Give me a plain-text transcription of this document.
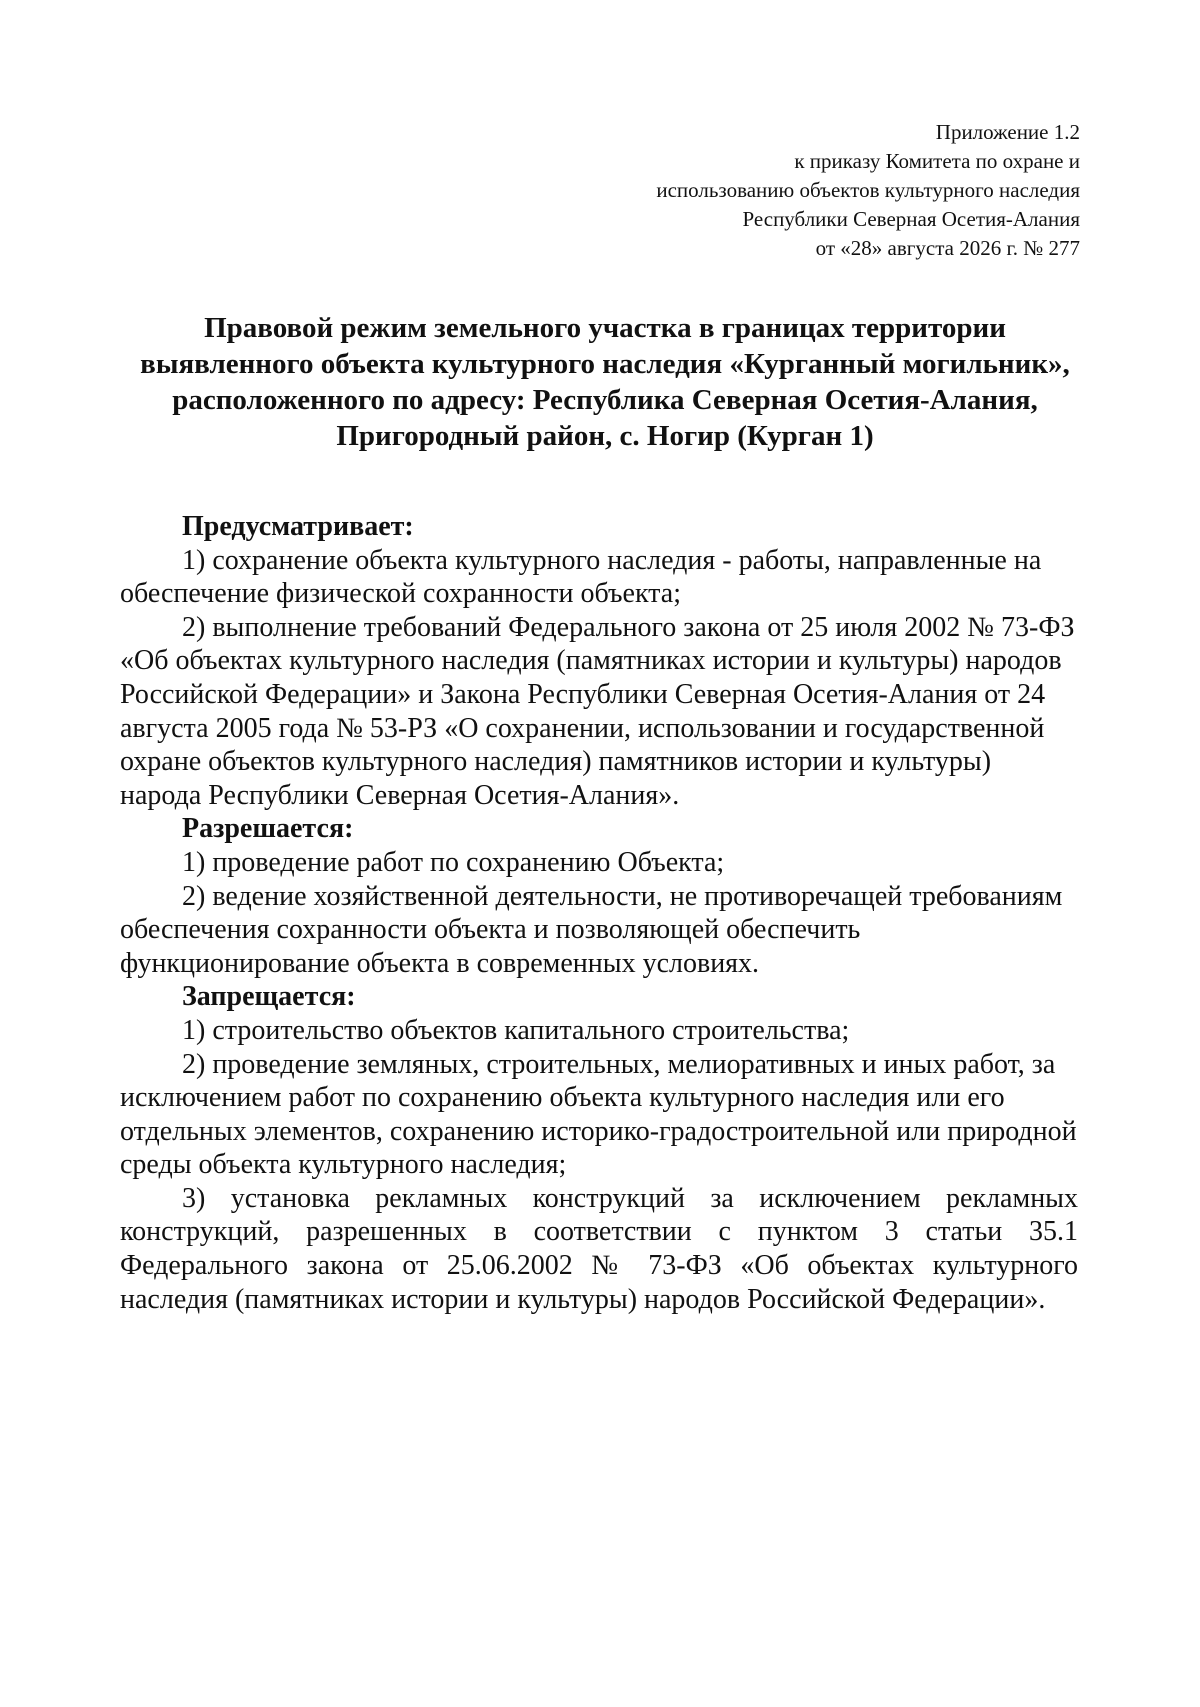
Приложение 1.2
к приказу Комитета по охране и
использованию объектов культурного наследия
Республики Северная Осетия-Алания
от «28» августа 2026 г. № 277
Правовой режим земельного участка в границах территории
выявленного объекта культурного наследия «Курганный могильник»,
расположенного по адресу: Республика Северная Осетия-Алания,
Пригородный район, с. Ногир (Курган 1)
Предусматривает:

1) сохранение объекта культурного наследия - работы, направленные на обеспечение физической сохранности объекта;

2) выполнение требований Федерального закона от 25 июля 2002 № 73-ФЗ «Об объектах культурного наследия (памятниках истории и культуры) народов Российской Федерации» и Закона Республики Северная Осетия-Алания от 24 августа 2005 года № 53-РЗ «О сохранении, использовании и государственной охране объектов культурного наследия) памятников истории и культуры) народа Республики Северная Осетия-Алания».

Разрешается:

1) проведение работ по сохранению Объекта;

2) ведение хозяйственной деятельности, не противоречащей требованиям обеспечения сохранности объекта и позволяющей обеспечить функционирование объекта в современных условиях.

Запрещается:

1) строительство объектов капитального строительства;

2) проведение земляных, строительных, мелиоративных и иных работ, за исключением работ по сохранению объекта культурного наследия или его отдельных элементов, сохранению историко-градостроительной или природной среды объекта культурного наследия;

3) установка рекламных конструкций за исключением рекламных конструкций, разрешенных в соответствии с пунктом 3 статьи 35.1 Федерального закона от 25.06.2002 № 73-ФЗ «Об объектах культурного наследия (памятниках истории и культуры) народов Российской Федерации».
